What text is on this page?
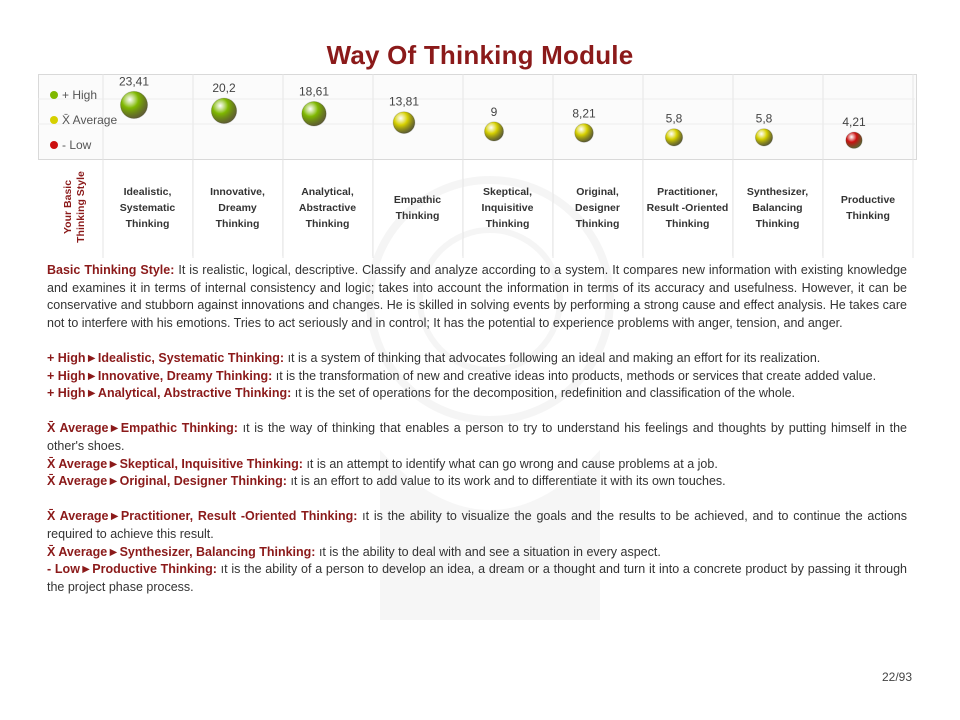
Way Of Thinking Module
23,41	20,2	18,61
13,81
9	8,21	5,8	5,8	4,21
+ High
X̄ Average
- Low
Your Basic Thinking Style	Idealistic,
Systematic
Thinking
Innovative,
Dreamy Thinking
Analytical,
Abstractive
Thinking
Empathic
Thinking
Skeptical,
Inquisitive
Thinking
Original,
Designer
Thinking
Practitioner,
Result -Oriented
Thinking
Synthesizer,
Balancing
Thinking
Productive
Thinking

Basic Thinking Style: It is realistic, logical, descriptive. Classify and analyze according to a system. It compares new information with existing knowledge and examines it in terms of internal consistency and logic; takes into account the information in terms of its accuracy and usefulness. However, it can be conservative and stubborn against innovations and changes. He is skilled in solving events by performing a strong cause and effect analysis. He takes care not to interfere with his emotions. Tries to act seriously and in control; It has the potential to experience problems with anger, tension, and anger.

+ High►Idealistic, Systematic Thinking: ıt is a system of thinking that advocates following an ideal and making an effort for its realization.

+ High►Innovative, Dreamy Thinking: ıt is the transformation of new and creative ideas into products, methods or services that create added value.

+ High►Analytical, Abstractive Thinking: ıt is the set of operations for the decomposition, redefinition and classification of the whole.

X̄ Average►Empathic Thinking: ıt is the way of thinking that enables a person to try to understand his feelings and thoughts by putting himself in the other's shoes.

X̄ Average►Skeptical, Inquisitive Thinking: ıt is an attempt to identify what can go wrong and cause problems at a job.

X̄ Average►Original, Designer Thinking: ıt is an effort to add value to its work and to differentiate it with its own touches.

X̄ Average►Practitioner, Result -Oriented Thinking: ıt is the ability to visualize the goals and the results to be achieved, and to continue the actions required to achieve this result.

X̄ Average►Synthesizer, Balancing Thinking: ıt is the ability to deal with and see a situation in every aspect.

- Low►Productive Thinking: ıt is the ability of a person to develop an idea, a dream or a thought and turn it into a concrete product by passing it through the project phase process.

22/93
